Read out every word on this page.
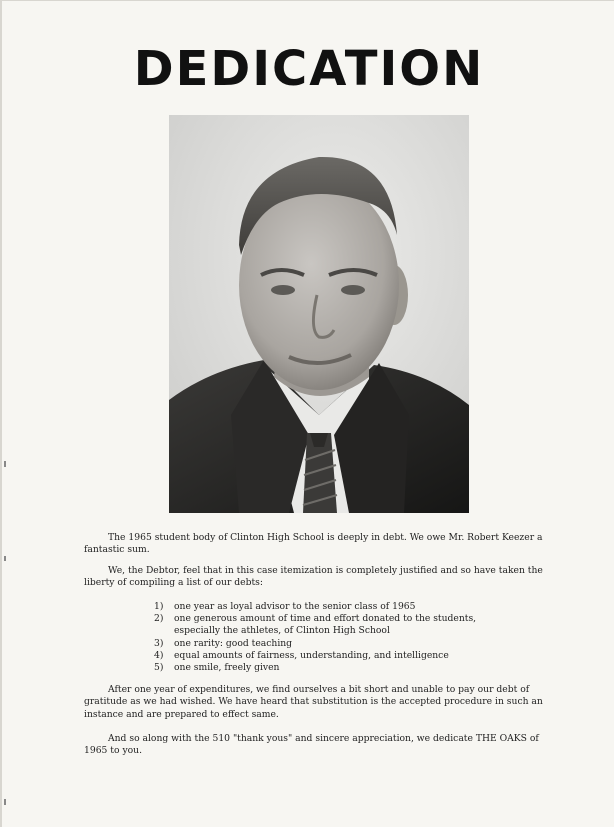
DEDICATION

The 1965 student body of Clinton High School is deeply in debt. We owe Mr. Robert Keezer a fantastic sum.

We, the Debtor, feel that in this case itemization is completely justified and so have taken the liberty of compiling a list of our debts:

1)	one year as loyal advisor to the senior class of 1965
2)	one generous amount of time and effort donated to the students, especially the athletes, of Clinton High School
3)	one rarity: good teaching
4)	equal amounts of fairness, understanding, and intelligence
5)	one smile, freely given

After one year of expenditures, we find ourselves a bit short and unable to pay our debt of gratitude as we had wished. We have heard that substitution is the accepted procedure in such an instance and are prepared to effect same.

And so along with the 510 "thank yous" and sincere appreciation, we dedicate THE OAKS of 1965 to you.
